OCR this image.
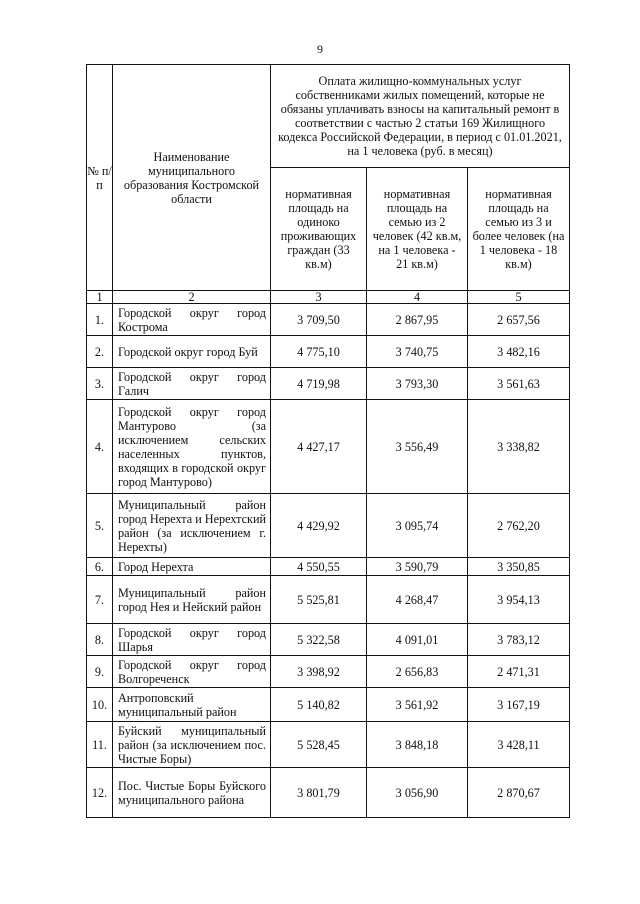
9
№ п/п	Наименование муниципального образования Костромской области	Оплата жилищно-коммунальных услуг собственниками жилых помещений, которые не обязаны уплачивать взносы на капитальный ремонт в соответствии с частью 2 статьи 169 Жилищного кодекса Российской Федерации, в период с 01.01.2021, на 1 человека (руб. в месяц)		
		нормативная площадь на одиноко проживающих граждан (33 кв.м)	нормативная площадь на семью из 2 человек (42 кв.м, на 1 человека - 21 кв.м)	нормативная площадь на семью из 3 и более человек (на 1 человека - 18 кв.м)
1	2	3	4	5
1.	Городской округ город Кострома	3 709,50	2 867,95	2 657,56
2.	Городской округ город Буй	4 775,10	3 740,75	3 482,16
3.	Городской округ город Галич	4 719,98	3 793,30	3 561,63
4.	Городской округ город Мантурово (за исключением сельских населенных пунктов, входящих в городской округ город Мантурово)	4 427,17	3 556,49	3 338,82
5.	Муниципальный район город Нерехта и Нерехтский район (за исключением г. Нерехты)	4 429,92	3 095,74	2 762,20
6.	Город Нерехта	4 550,55	3 590,79	3 350,85
7.	Муниципальный район город Нея и Нейский район	5 525,81	4 268,47	3 954,13
8.	Городской округ город Шарья	5 322,58	4 091,01	3 783,12
9.	Городской округ город Волгореченск	3 398,92	2 656,83	2 471,31
10.	Антроповский муниципальный район	5 140,82	3 561,92	3 167,19
11.	Буйский муниципальный район (за исключением пос. Чистые Боры)	5 528,45	3 848,18	3 428,11
12.	Пос. Чистые Боры Буйского муниципального района	3 801,79	3 056,90	2 870,67
